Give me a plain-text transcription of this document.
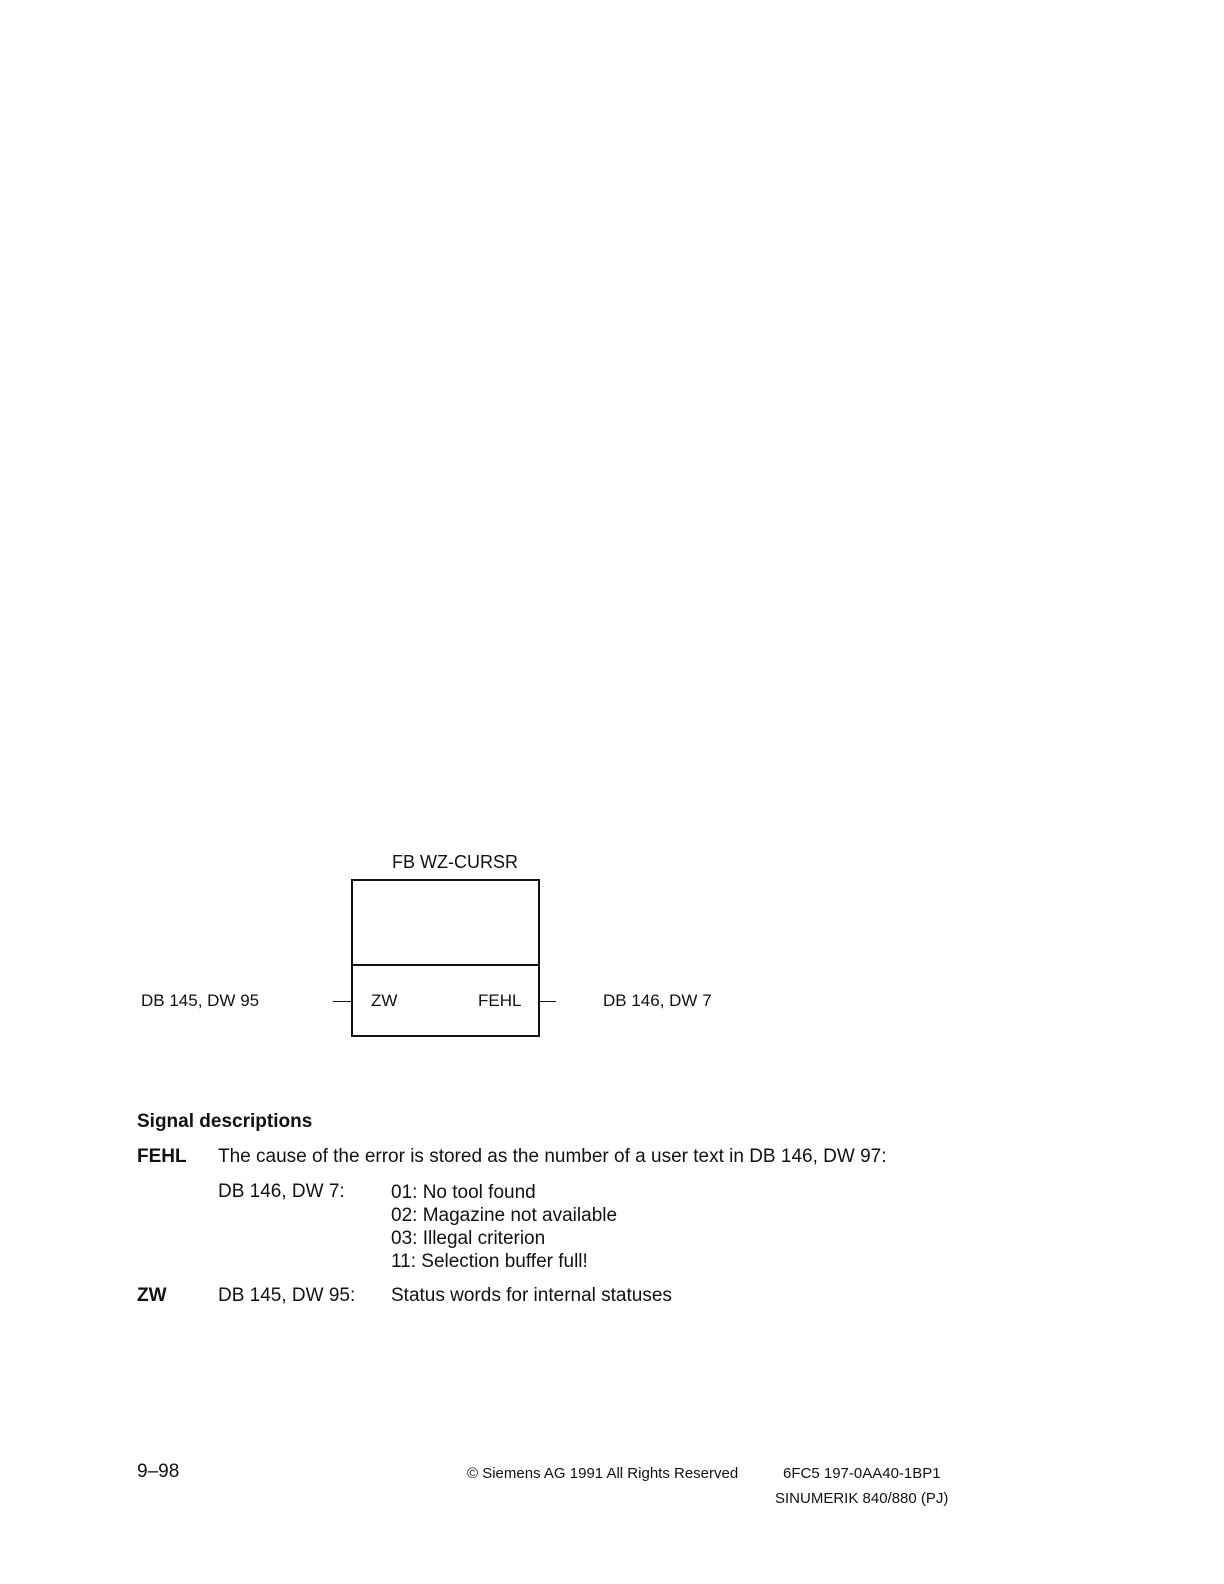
FB WZ-CURSR
DB 145, DW 95	ZW	FEHL	DB 146, DW 7
Signal descriptions
FEHL The cause of the error is stored as the number of a user text in DB 146, DW 97:
DB 146, DW 7: 01: No tool found
02: Magazine not available
03: Illegal criterion
11: Selection buffer full!
ZW	DB 145, DW 95: Status words for internal statuses
9–98	© Siemens AG 1991 All Rights Reserved	6FC5 197-0AA40-1BP1
SINUMERIK 840/880 (PJ)
